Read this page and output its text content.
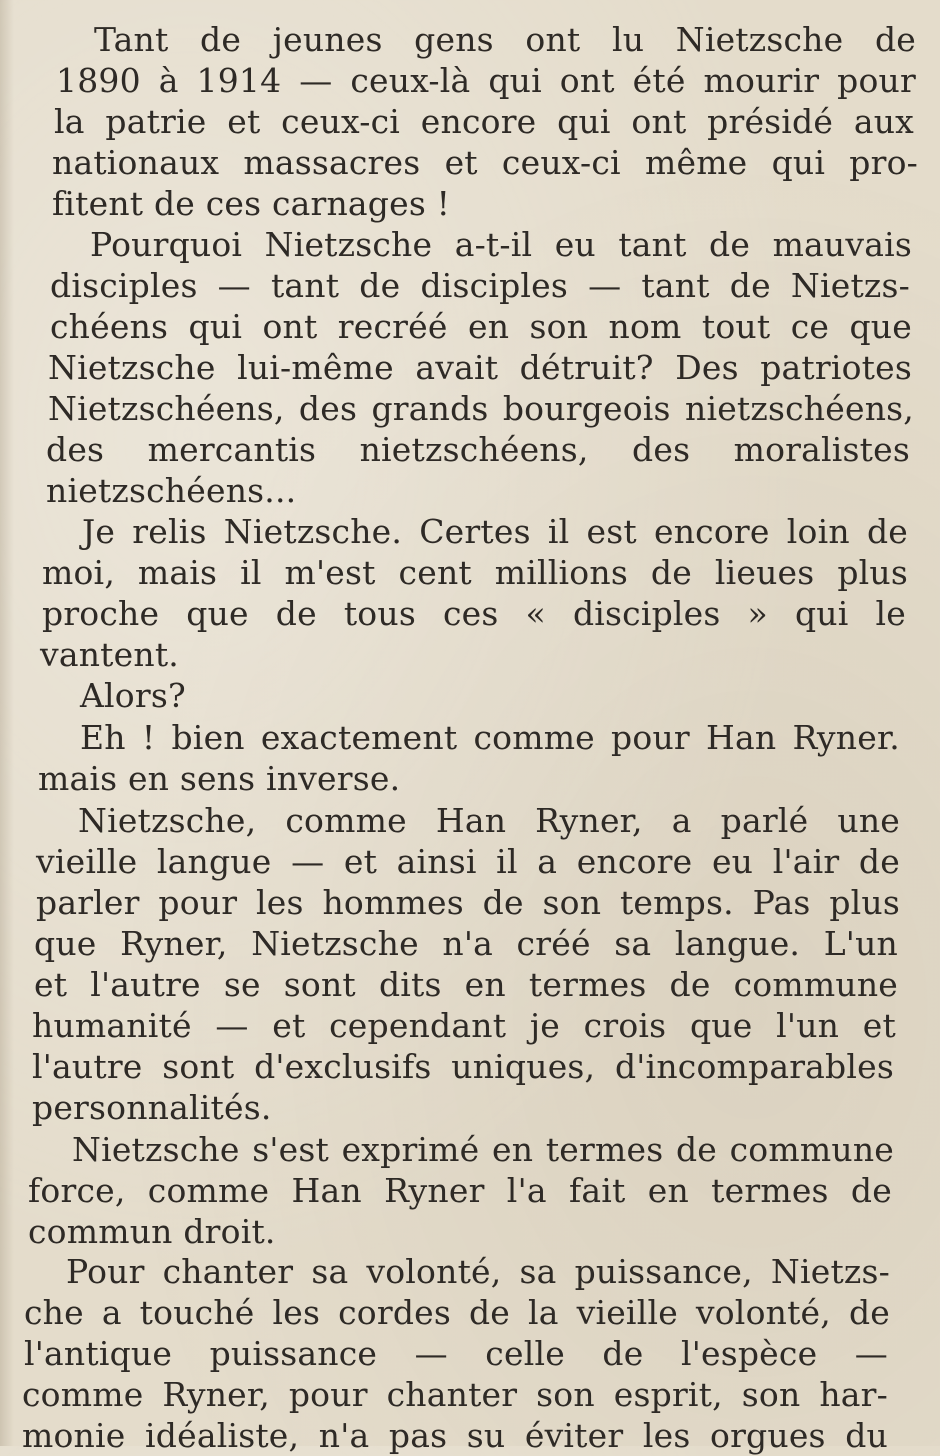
Tant de jeunes gens ont lu Nietzsche de
1890 à 1914 — ceux-là qui ont été mourir pour
la patrie et ceux-ci encore qui ont présidé aux
nationaux massacres et ceux-ci même qui pro-
fitent de ces carnages !
Pourquoi Nietzsche a-t-il eu tant de mauvais
disciples — tant de disciples — tant de Nietzs-
chéens qui ont recréé en son nom tout ce que
Nietzsche lui-même avait détruit? Des patriotes
Nietzschéens, des grands bourgeois nietzschéens,
des mercantis nietzschéens, des moralistes
nietzschéens...
Je relis Nietzsche. Certes il est encore loin de
moi, mais il m'est cent millions de lieues plus
proche que de tous ces « disciples » qui le
vantent.
Alors?
Eh ! bien exactement comme pour Han Ryner.
mais en sens inverse.
Nietzsche, comme Han Ryner, a parlé une
vieille langue — et ainsi il a encore eu l'air de
parler pour les hommes de son temps. Pas plus
que Ryner, Nietzsche n'a créé sa langue. L'un
et l'autre se sont dits en termes de commune
humanité — et cependant je crois que l'un et
l'autre sont d'exclusifs uniques, d'incomparables
personnalités.
Nietzsche s'est exprimé en termes de commune
force, comme Han Ryner l'a fait en termes de
commun droit.
Pour chanter sa volonté, sa puissance, Nietzs-
che a touché les cordes de la vieille volonté, de
l'antique puissance — celle de l'espèce —
comme Ryner, pour chanter son esprit, son har-
monie idéaliste, n'a pas su éviter les orgues du
